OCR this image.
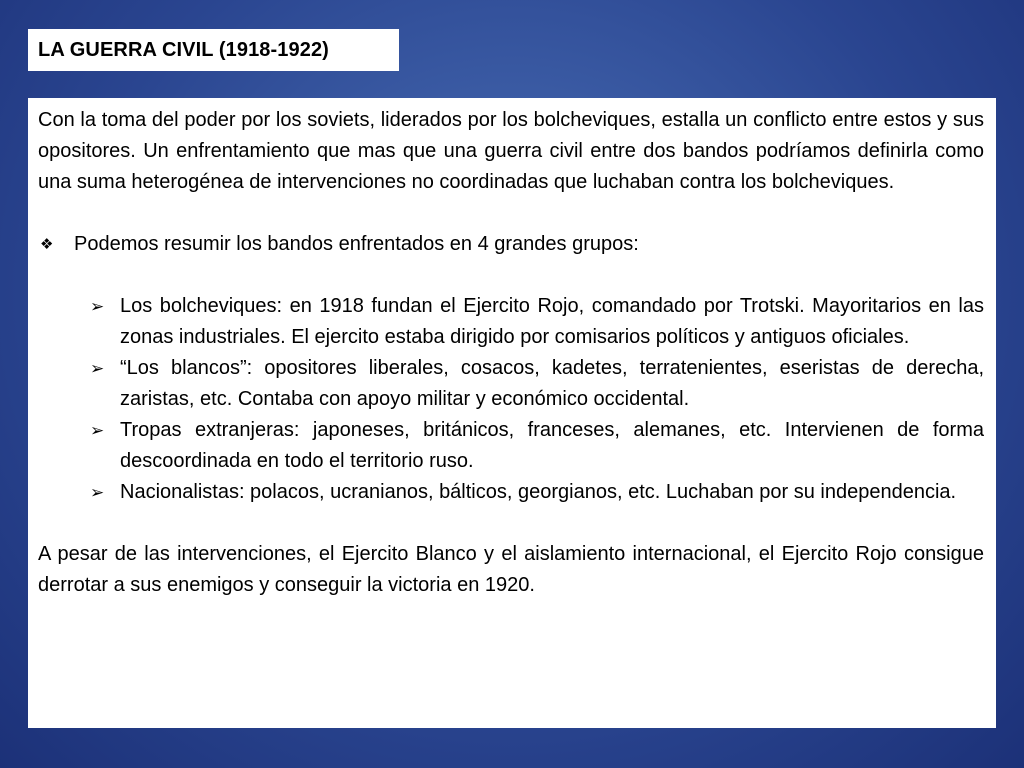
LA GUERRA CIVIL (1918-1922)

Con la toma del poder por los soviets, liderados por los bolcheviques, estalla un conflicto entre estos y sus opositores. Un enfrentamiento que mas que una guerra civil entre dos bandos podríamos definirla como una suma heterogénea de intervenciones no coordinadas que luchaban contra los bolcheviques.

❖	Podemos resumir los bandos enfrentados en 4 grandes grupos:
➢ Los bolcheviques: en 1918 fundan el Ejercito Rojo, comandado por Trotski. Mayoritarios en las zonas industriales. El ejercito estaba dirigido por comisarios políticos y antiguos oficiales.
➢ “Los blancos”: opositores liberales, cosacos, kadetes, terratenientes, eseristas de derecha, zaristas, etc. Contaba con apoyo militar y económico occidental.
➢ Tropas extranjeras: japoneses, británicos, franceses, alemanes, etc. Intervienen de forma descoordinada en todo el territorio ruso.
➢ Nacionalistas: polacos, ucranianos, bálticos, georgianos, etc. Luchaban por su independencia.

A pesar de las intervenciones, el Ejercito Blanco y el aislamiento internacional, el Ejercito Rojo consigue derrotar a sus enemigos y conseguir la victoria en 1920.
